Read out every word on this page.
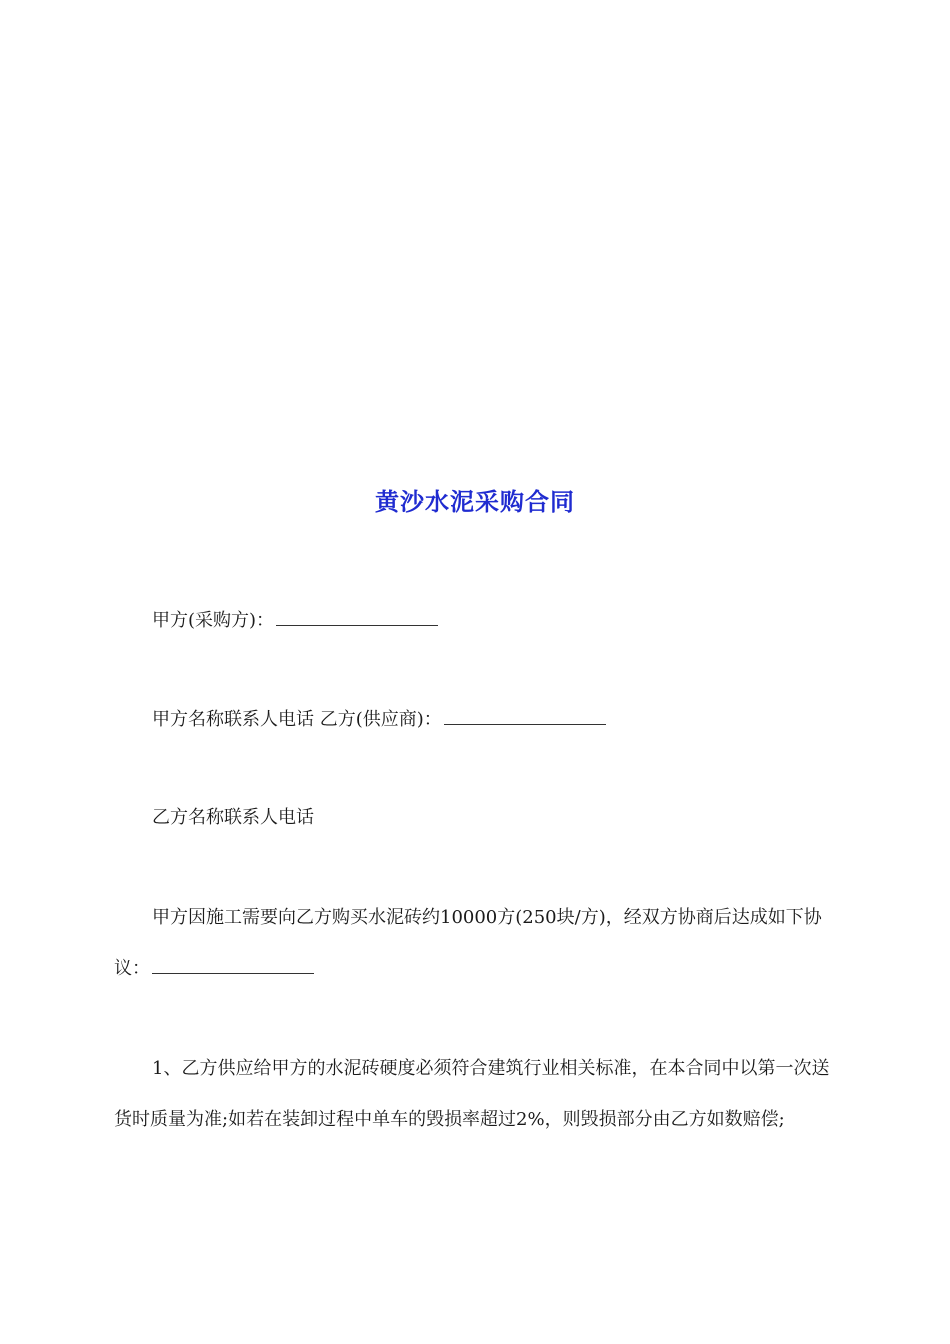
黄沙水泥采购合同
甲方(采购方)：
甲方名称联系人电话 乙方(供应商)：
乙方名称联系人电话
甲方因施工需要向乙方购买水泥砖约10000方(250块/方)，经双方协商后达成如下协议：
1、乙方供应给甲方的水泥砖硬度必须符合建筑行业相关标准，在本合同中以第一次送货时质量为准;如若在装卸过程中单车的毁损率超过2%，则毁损部分由乙方如数赔偿;
